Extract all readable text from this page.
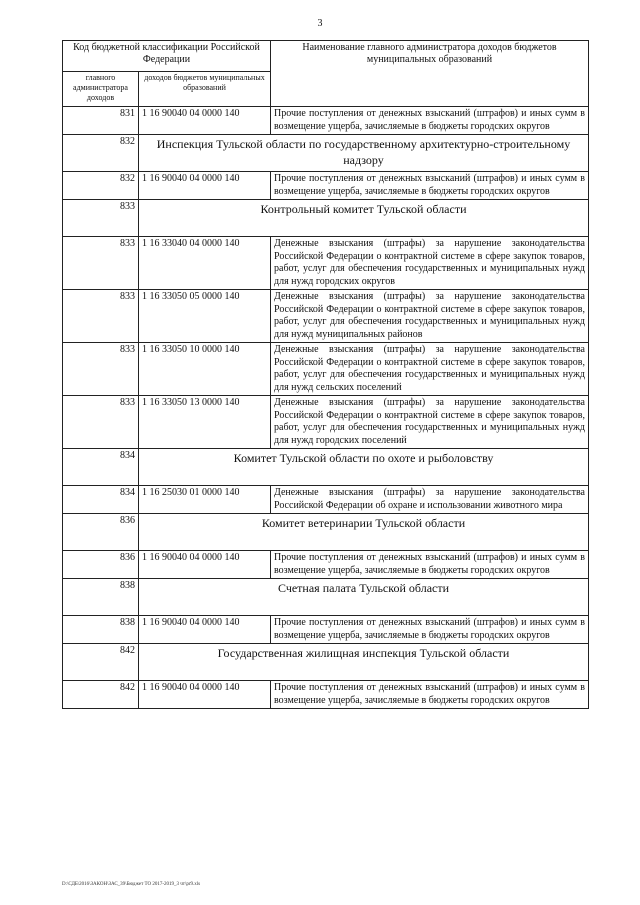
3
Код бюджетной классификации Российской Федерации		Наименование главного администратора доходов бюджетов муниципальных образований
главного администратора доходов	доходов бюджетов муниципальных образований	
831	1 16 90040 04 0000 140	Прочие поступления от денежных взысканий (штрафов) и иных сумм в возмещение ущерба, зачисляемые в бюджеты городских округов
832	Инспекция Тульской области по государственному архитектурно-строительному надзору	
832	1 16 90040 04 0000 140	Прочие поступления от денежных взысканий (штрафов) и иных сумм в возмещение ущерба, зачисляемые в бюджеты городских округов
833	Контрольный комитет Тульской области	
833	1 16 33040 04 0000 140	Денежные взыскания (штрафы) за нарушение законодательства Российской Федерации о контрактной системе в сфере закупок товаров, работ, услуг для обеспечения государственных и муниципальных нужд для нужд городских округов
833	1 16 33050 05 0000 140	Денежные взыскания (штрафы) за нарушение законодательства Российской Федерации о контрактной системе в сфере закупок товаров, работ, услуг для обеспечения государственных и муниципальных нужд для нужд муниципальных районов
833	1 16 33050 10 0000 140	Денежные взыскания (штрафы) за нарушение законодательства Российской Федерации о контрактной системе в сфере закупок товаров, работ, услуг для обеспечения государственных и муниципальных нужд для нужд сельских поселений
833	1 16 33050 13 0000 140	Денежные взыскания (штрафы) за нарушение законодательства Российской Федерации о контрактной системе в сфере закупок товаров, работ, услуг для обеспечения государственных и муниципальных нужд для нужд городских поселений
834	Комитет Тульской области по охоте и рыболовству	
834	1 16 25030 01 0000 140	Денежные взыскания (штрафы) за нарушение законодательства Российской Федерации об охране и использовании животного мира
836	Комитет ветеринарии Тульской области	
836	1 16 90040 04 0000 140	Прочие поступления от денежных взысканий (штрафов) и иных сумм в возмещение ущерба, зачисляемые в бюджеты городских округов
838	Счетная палата Тульской области	
838	1 16 90040 04 0000 140	Прочие поступления от денежных взысканий (штрафов) и иных сумм в возмещение ущерба, зачисляемые в бюджеты городских округов
842	Государственная жилищная инспекция Тульской области	
842	1 16 90040 04 0000 140	Прочие поступления от денежных взысканий (штрафов) и иных сумм в возмещение ущерба, зачисляемые в бюджеты городских округов
D:\СДБ\2016\ЗАКОН\ЗАС_39\Бюджет ТО 2017-2019_3 чт\pr9.xls
